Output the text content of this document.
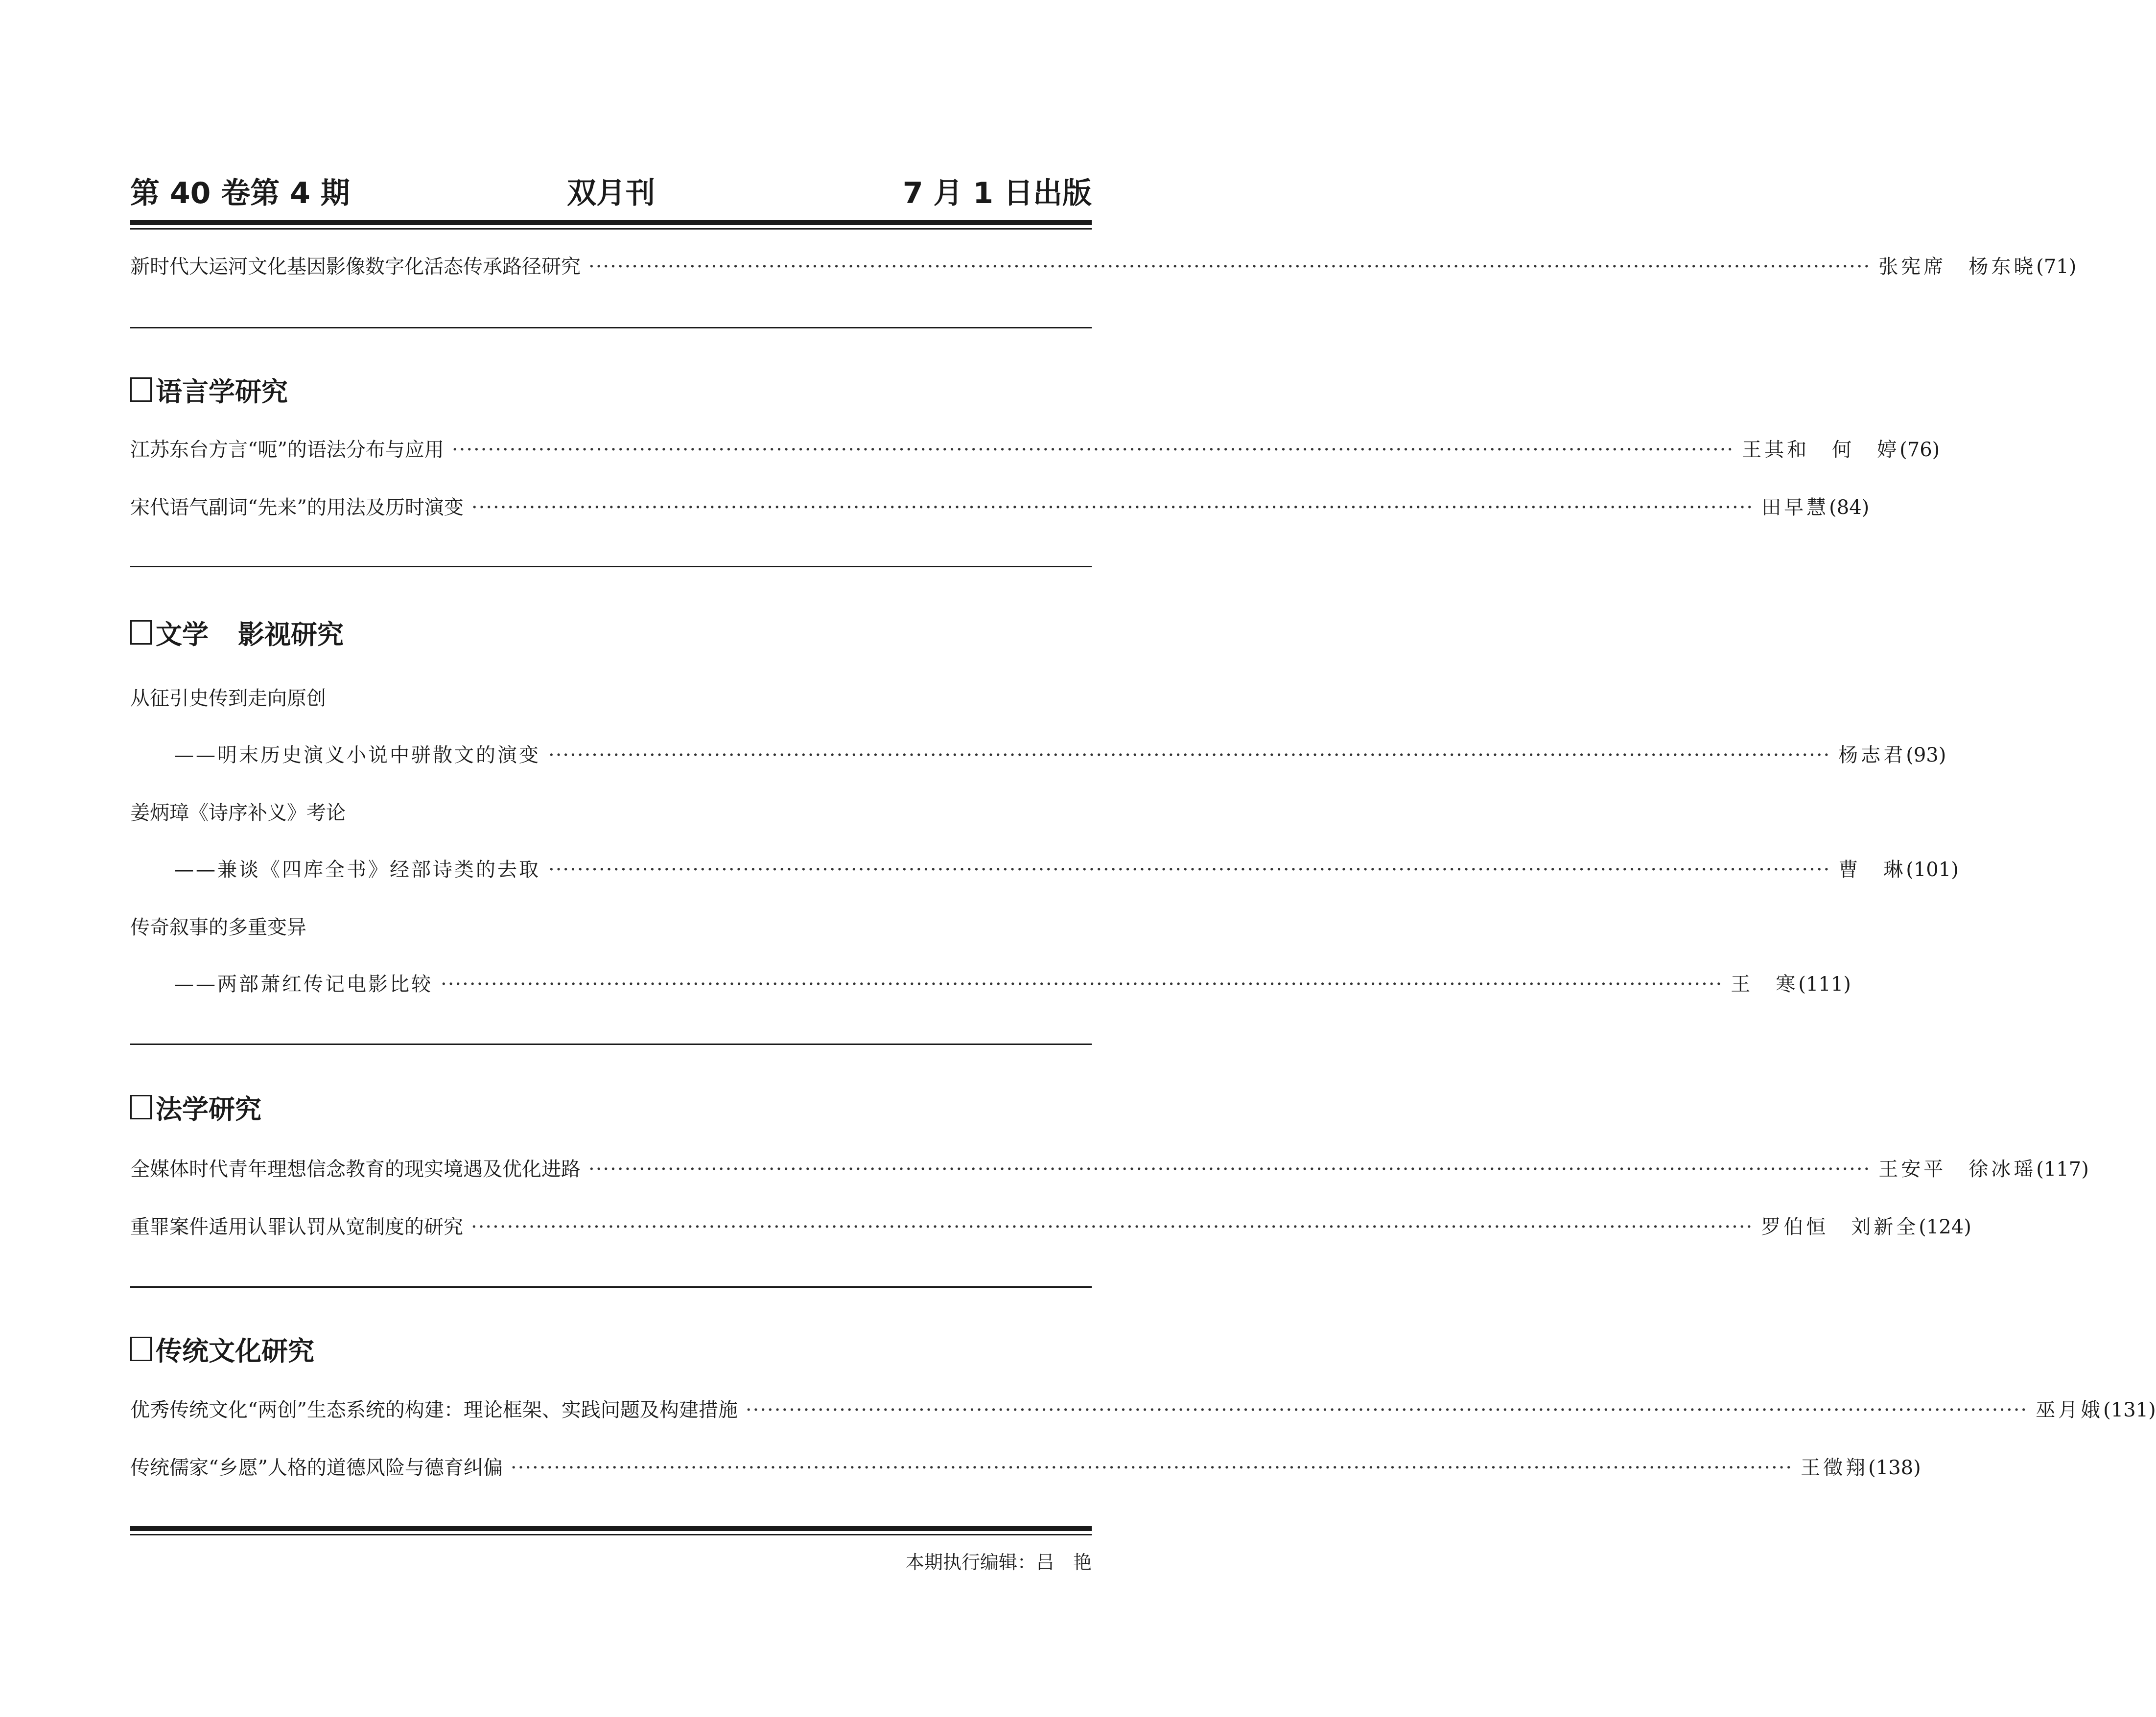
第 40 卷第 4 期	双月刊	7 月 1 日出版
新时代大运河文化基因影像数字化活态传承路径研究 ·················································································································································································· 张宪席　杨东晓 (71)
语言学研究
江苏东台方言“呃”的语法分布与应用 ·················································································································································································· 王其和　何　婷 (76)
宋代语气副词“先来”的用法及历时演变 ·················································································································································································· 田早慧 (84)
文学 影视研究
从征引史传到走向原创
——明末历史演义小说中骈散文的演变 ·················································································································································································· 杨志君 (93)
姜炳璋《诗序补义》考论
——兼谈《四库全书》经部诗类的去取 ·················································································································································································· 曹　琳 (101)
传奇叙事的多重变异
——两部萧红传记电影比较 ·················································································································································································· 王　寒 (111)
法学研究
全媒体时代青年理想信念教育的现实境遇及优化进路 ·················································································································································································· 王安平　徐冰瑶 (117)
重罪案件适用认罪认罚从宽制度的研究 ·················································································································································································· 罗伯恒　刘新全 (124)
传统文化研究
优秀传统文化“两创”生态系统的构建：理论框架、实践问题及构建措施 ·················································································································································································· 巫月娥 (131)
传统儒家“乡愿”人格的道德风险与德育纠偏 ·················································································································································································· 王徵翔 (138)
本期执行编辑：吕　艳
